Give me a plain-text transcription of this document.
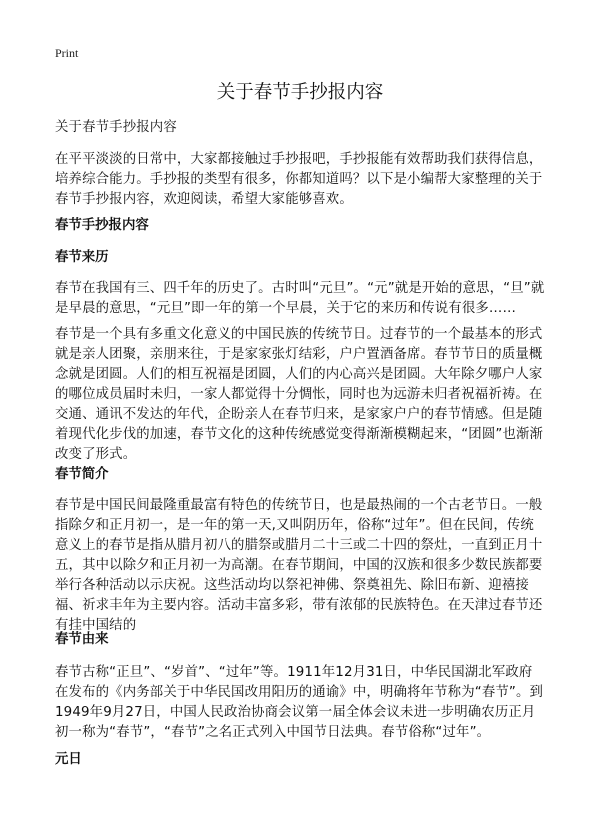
Print
关于春节手抄报内容

关于春节手抄报内容

在平平淡淡的日常中，大家都接触过手抄报吧，手抄报能有效帮助我们获得信息，培养综合能力。手抄报的类型有很多，你都知道吗？以下是小编帮大家整理的关于春节手抄报内容，欢迎阅读，希望大家能够喜欢。

春节手抄报内容
春节来历

春节在我国有三、四千年的历史了。古时叫“元旦”。“元”就是开始的意思，“旦”就是早晨的意思，“元旦”即一年的第一个早晨，关于它的来历和传说有很多……

春节是一个具有多重文化意义的中国民族的传统节日。过春节的一个最基本的形式就是亲人团聚，亲朋来往，于是家家张灯结彩，户户置酒备席。春节节日的质量概念就是团圆。人们的相互祝福是团圆，人们的内心高兴是团圆。大年除夕哪户人家的哪位成员届时未归，一家人都觉得十分惆怅，同时也为远游未归者祝福祈祷。在交通、通讯不发达的年代，企盼亲人在春节归来，是家家户户的春节情感。但是随着现代化步伐的加速，春节文化的这种传统感觉变得渐渐模糊起来，“团圆”也渐渐改变了形式。

春节简介

春节是中国民间最隆重最富有特色的传统节日，也是最热闹的一个古老节日。一般指除夕和正月初一，是一年的第一天,又叫阴历年，俗称“过年”。但在民间，传统意义上的春节是指从腊月初八的腊祭或腊月二十三或二十四的祭灶，一直到正月十五，其中以除夕和正月初一为高潮。在春节期间，中国的汉族和很多少数民族都要举行各种活动以示庆祝。这些活动均以祭祀神佛、祭奠祖先、除旧布新、迎禧接福、祈求丰年为主要内容。活动丰富多彩，带有浓郁的民族特色。在天津过春节还有挂中国结的

春节由来

春节古称“正旦”、“岁首”、“过年”等。1911年12月31日，中华民国湖北军政府在发布的《内务部关于中华民国改用阳历的通谕》中，明确将年节称为“春节”。到1949年9月27日，中国人民政治协商会议第一届全体会议未进一步明确农历正月初一称为“春节”，“春节”之名正式列入中国节日法典。春节俗称“过年”。

元日
